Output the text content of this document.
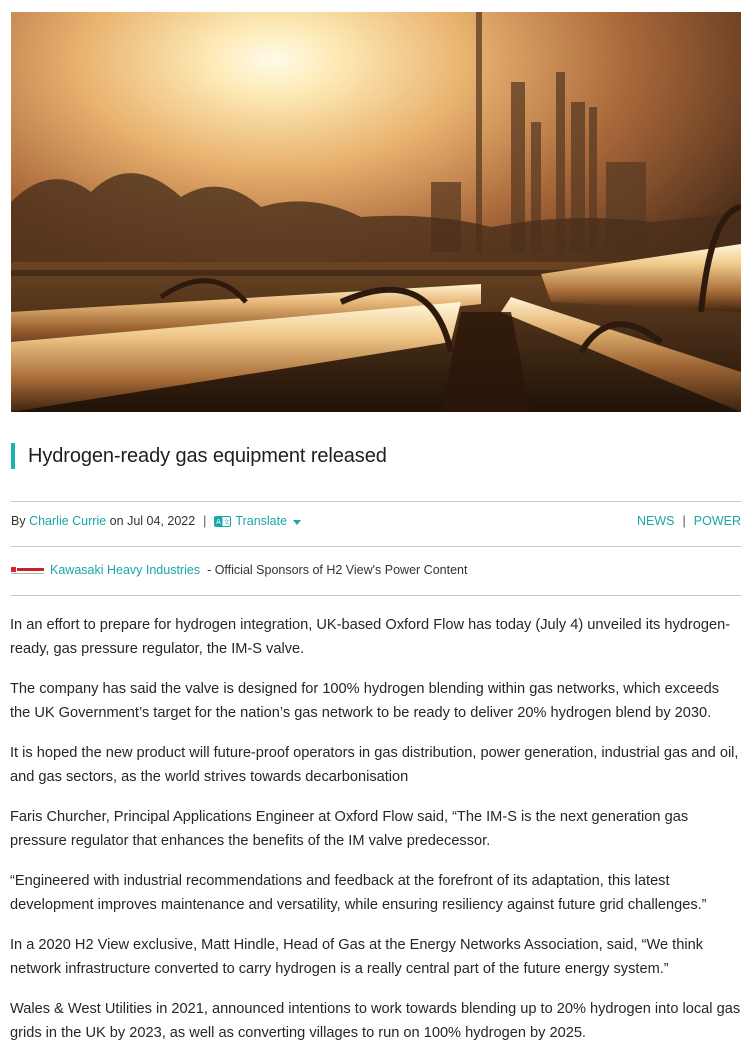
Hydrogen-ready gas equipment released
By
Charlie Currie
on
Jul 04, 2022 | A 文 Translate	NEWS | POWER
Kawasaki Heavy Industries - Official Sponsors of H2 View's Power Content

In an effort to prepare for hydrogen integration, UK-based Oxford Flow has today (July 4) unveiled its hydrogen-ready, gas pressure regulator, the IM-S valve.

The company has said the valve is designed for 100% hydrogen blending within gas networks, which exceeds the UK Government’s target for the nation’s gas network to be ready to deliver 20% hydrogen blend by 2030.

It is hoped the new product will future-proof operators in gas distribution, power generation, industrial gas and oil, and gas sectors, as the world strives towards decarbonisation

Faris Churcher, Principal Applications Engineer at Oxford Flow said, “The IM-S is the next generation gas pressure regulator that enhances the benefits of the IM valve predecessor.

“Engineered with industrial recommendations and feedback at the forefront of its adaptation, this latest development improves maintenance and versatility, while ensuring resiliency against future grid challenges.”

In a 2020 H2 View exclusive, Matt Hindle, Head of Gas at the Energy Networks Association, said, “We think network infrastructure converted to carry hydrogen is a really central part of the future energy system.”

Wales & West Utilities in 2021, announced intentions to work towards blending up to 20% hydrogen into local gas grids in the UK by 2023, as well as converting villages to run on 100% hydrogen by 2025.
